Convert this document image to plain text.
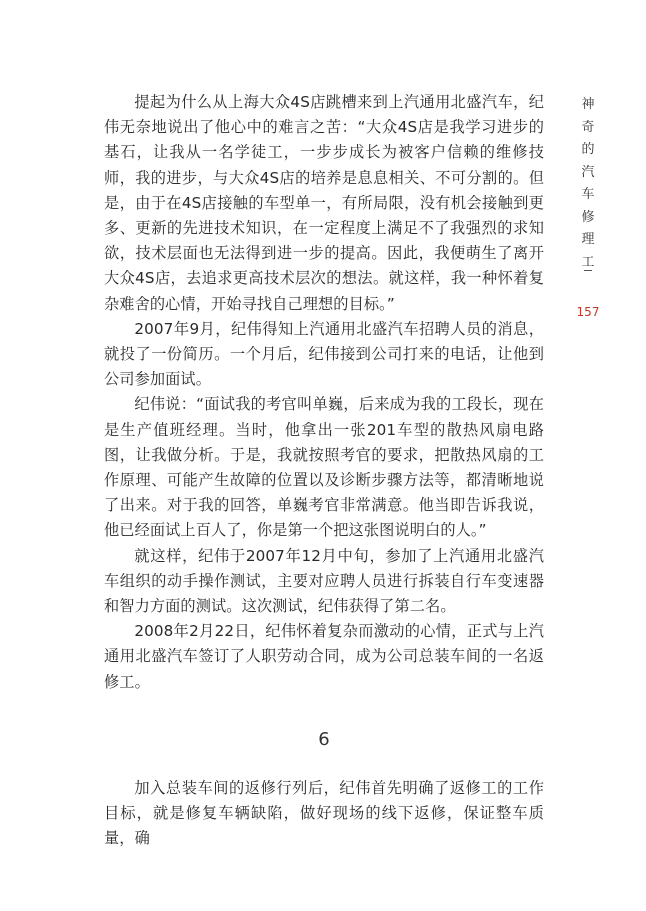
神奇的汽车修理工
157

提起为什么从上海大众4S店跳槽来到上汽通用北盛汽车，纪伟无奈地说出了他心中的难言之苦：“大众4S店是我学习进步的基石，让我从一名学徒工，一步步成长为被客户信赖的维修技师，我的进步，与大众4S店的培养是息息相关、不可分割的。但是，由于在4S店接触的车型单一，有所局限，没有机会接触到更多、更新的先进技术知识，在一定程度上满足不了我强烈的求知欲，技术层面也无法得到进一步的提高。因此，我便萌生了离开大众4S店，去追求更高技术层次的想法。就这样，我一种怀着复杂难舍的心情，开始寻找自己理想的目标。”

2007年9月，纪伟得知上汽通用北盛汽车招聘人员的消息，就投了一份简历。一个月后，纪伟接到公司打来的电话，让他到公司参加面试。

纪伟说：“面试我的考官叫单巍，后来成为我的工段长，现在是生产值班经理。当时，他拿出一张201车型的散热风扇电路图，让我做分析。于是，我就按照考官的要求，把散热风扇的工作原理、可能产生故障的位置以及诊断步骤方法等，都清晰地说了出来。对于我的回答，单巍考官非常满意。他当即告诉我说，他已经面试上百人了，你是第一个把这张图说明白的人。”

就这样，纪伟于2007年12月中旬，参加了上汽通用北盛汽车组织的动手操作测试，主要对应聘人员进行拆装自行车变速器和智力方面的测试。这次测试，纪伟获得了第二名。

2008年2月22日，纪伟怀着复杂而激动的心情，正式与上汽通用北盛汽车签订了人职劳动合同，成为公司总装车间的一名返修工。

6

加入总装车间的返修行列后，纪伟首先明确了返修工的工作目标，就是修复车辆缺陷，做好现场的线下返修，保证整车质量，确
